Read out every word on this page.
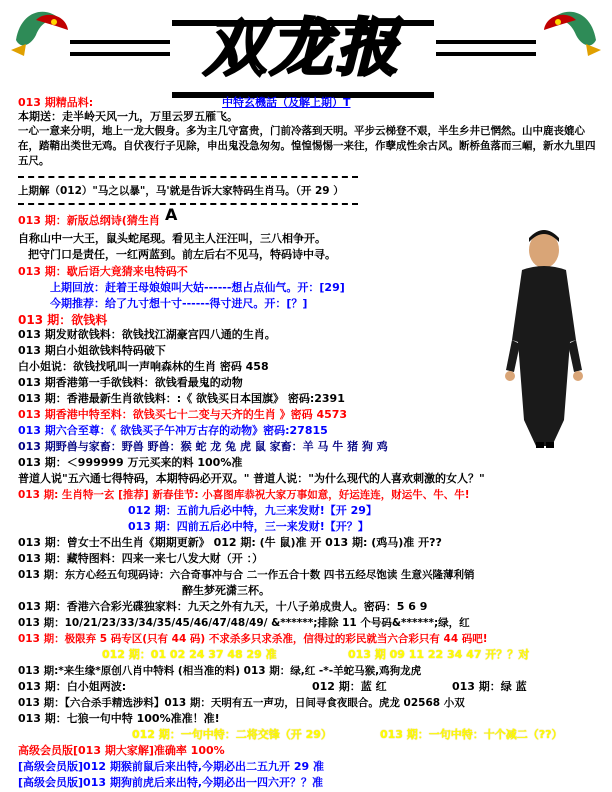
双龙报
013 期精品料:	中特玄機話（及解上期）T
本期送：走半岭天风一九，万里云罗五雁飞。
一心一意来分明，地上一龙大假身。多为主几守富贵，门前冷落到天明。平步云梯登不艰，半生乡井已惘然。山中鹿丧媲心在，踏鞘出类世无鸡。自伏夜行子见除，申出鬼没急匆匆。惶惶惕惕一来往，作孽成性余古风。断桥鱼落而三嵋，新水九里四五尺。
上期解（012）"马之以暴"，马'就是告诉大家特码生肖马。（开 29 ）
013 期：新版总纲诗(猜生肖 A
自称山中一大王，鼠头蛇尾现。看见主人汪汪叫，三八相争开。
把守门口是责任，一红两蓝到。前左后右不见马，特码诗中寻。
013 期：歇后语大竟猜来电特码不
上期回放：赶着王母娘娘叫大姑------想占点仙气。开：[29]
今期推荐：给了九寸想十寸------得寸进尺。开：[？]
013 期：欲钱料
013 期发财欲钱料：欲钱找江湖豪宫四八通的生肖。
013 期白小姐欲钱料特码破下
白小姐说：欲钱找吼叫一声响森林的生肖 密码 458
013 期香港第一手欲钱料：欲钱看最鬼的动物
013 期：香港最新生肖欲钱料：:《 欲钱买日本国旗》 密码:2391
013 期香港中特至料：欲钱买七十二变与天齐的生肖 》密码 4573
013 期六合至尊：《 欲钱买子午冲万古存的动物》密码:27815
013 期野兽与家畜：野兽 野兽：猴 蛇 龙 兔 虎 鼠 家畜：羊 马 牛 猪 狗 鸡
013 期：＜999999 万元买来的料 100%准
普道人说"五六通七得特码，本期特码必开双。" 普道人说："为什么现代的人喜欢刺激的女人？"
013 期: 生肖特一玄 [推荐] 新春佳节: 小喜图库恭祝大家万事如意，好运连连，财运牛、牛、牛!
012 期：五前九后必中特，九三来发财!【开 29】
013 期：四前五后必中特，三一来发财!【开？】
013 期：曾女士不出生肖《期期更新》 012 期: (牛 鼠)准 开 013 期: (鸡马)准 开??
013 期：藏特图料：四来一来七八发大财（开 ：）
013 期：东方心经五句现码诗：六合奇事冲与合 二一作五合十数 四书五经尽饱读 生意兴隆薄利销
醉生梦死潇三杯。
013 期：香港六合彩光碟独家料：九天之外有九天，十八子弟成贵人。密码：5 6 9
013 期：10/21/23/33/34/35/45/46/47/48/49/ &******;排除 11 个号码&******;绿，红
013 期：极限弃 5 码专区(只有 44 码) 不求杀多只求杀准，信得过的彩民就当六合彩只有 44 码吧!
012 期：01 02 24 37 48 29 准	013 期 09 11 22 34 47 开？？对
013 期:*来生缘*原创八肖中特料 (相当准的料) 013 期：绿,红 -*-羊蛇马猴,鸡狗龙虎
013 期：白小姐两波:	012 期：蓝 红	013 期：绿 蓝
013 期：【六合杀手精选涉料】013 期：天明有五一声功，日间寻食夜眼合。虎龙 02568 小双
013 期：七狼一句中特 100%准准！准!
012 期：一句中特：二将交锋（开 29）	013 期：一句中特：十个减二（??）
高级会员版[013 期大家解]准确率 100%
[高级会员版]012 期猴前鼠后来出特,今期必出二五九开 29 准
[高级会员版]013 期狗前虎后来出特,今期必出一四六开？？准
